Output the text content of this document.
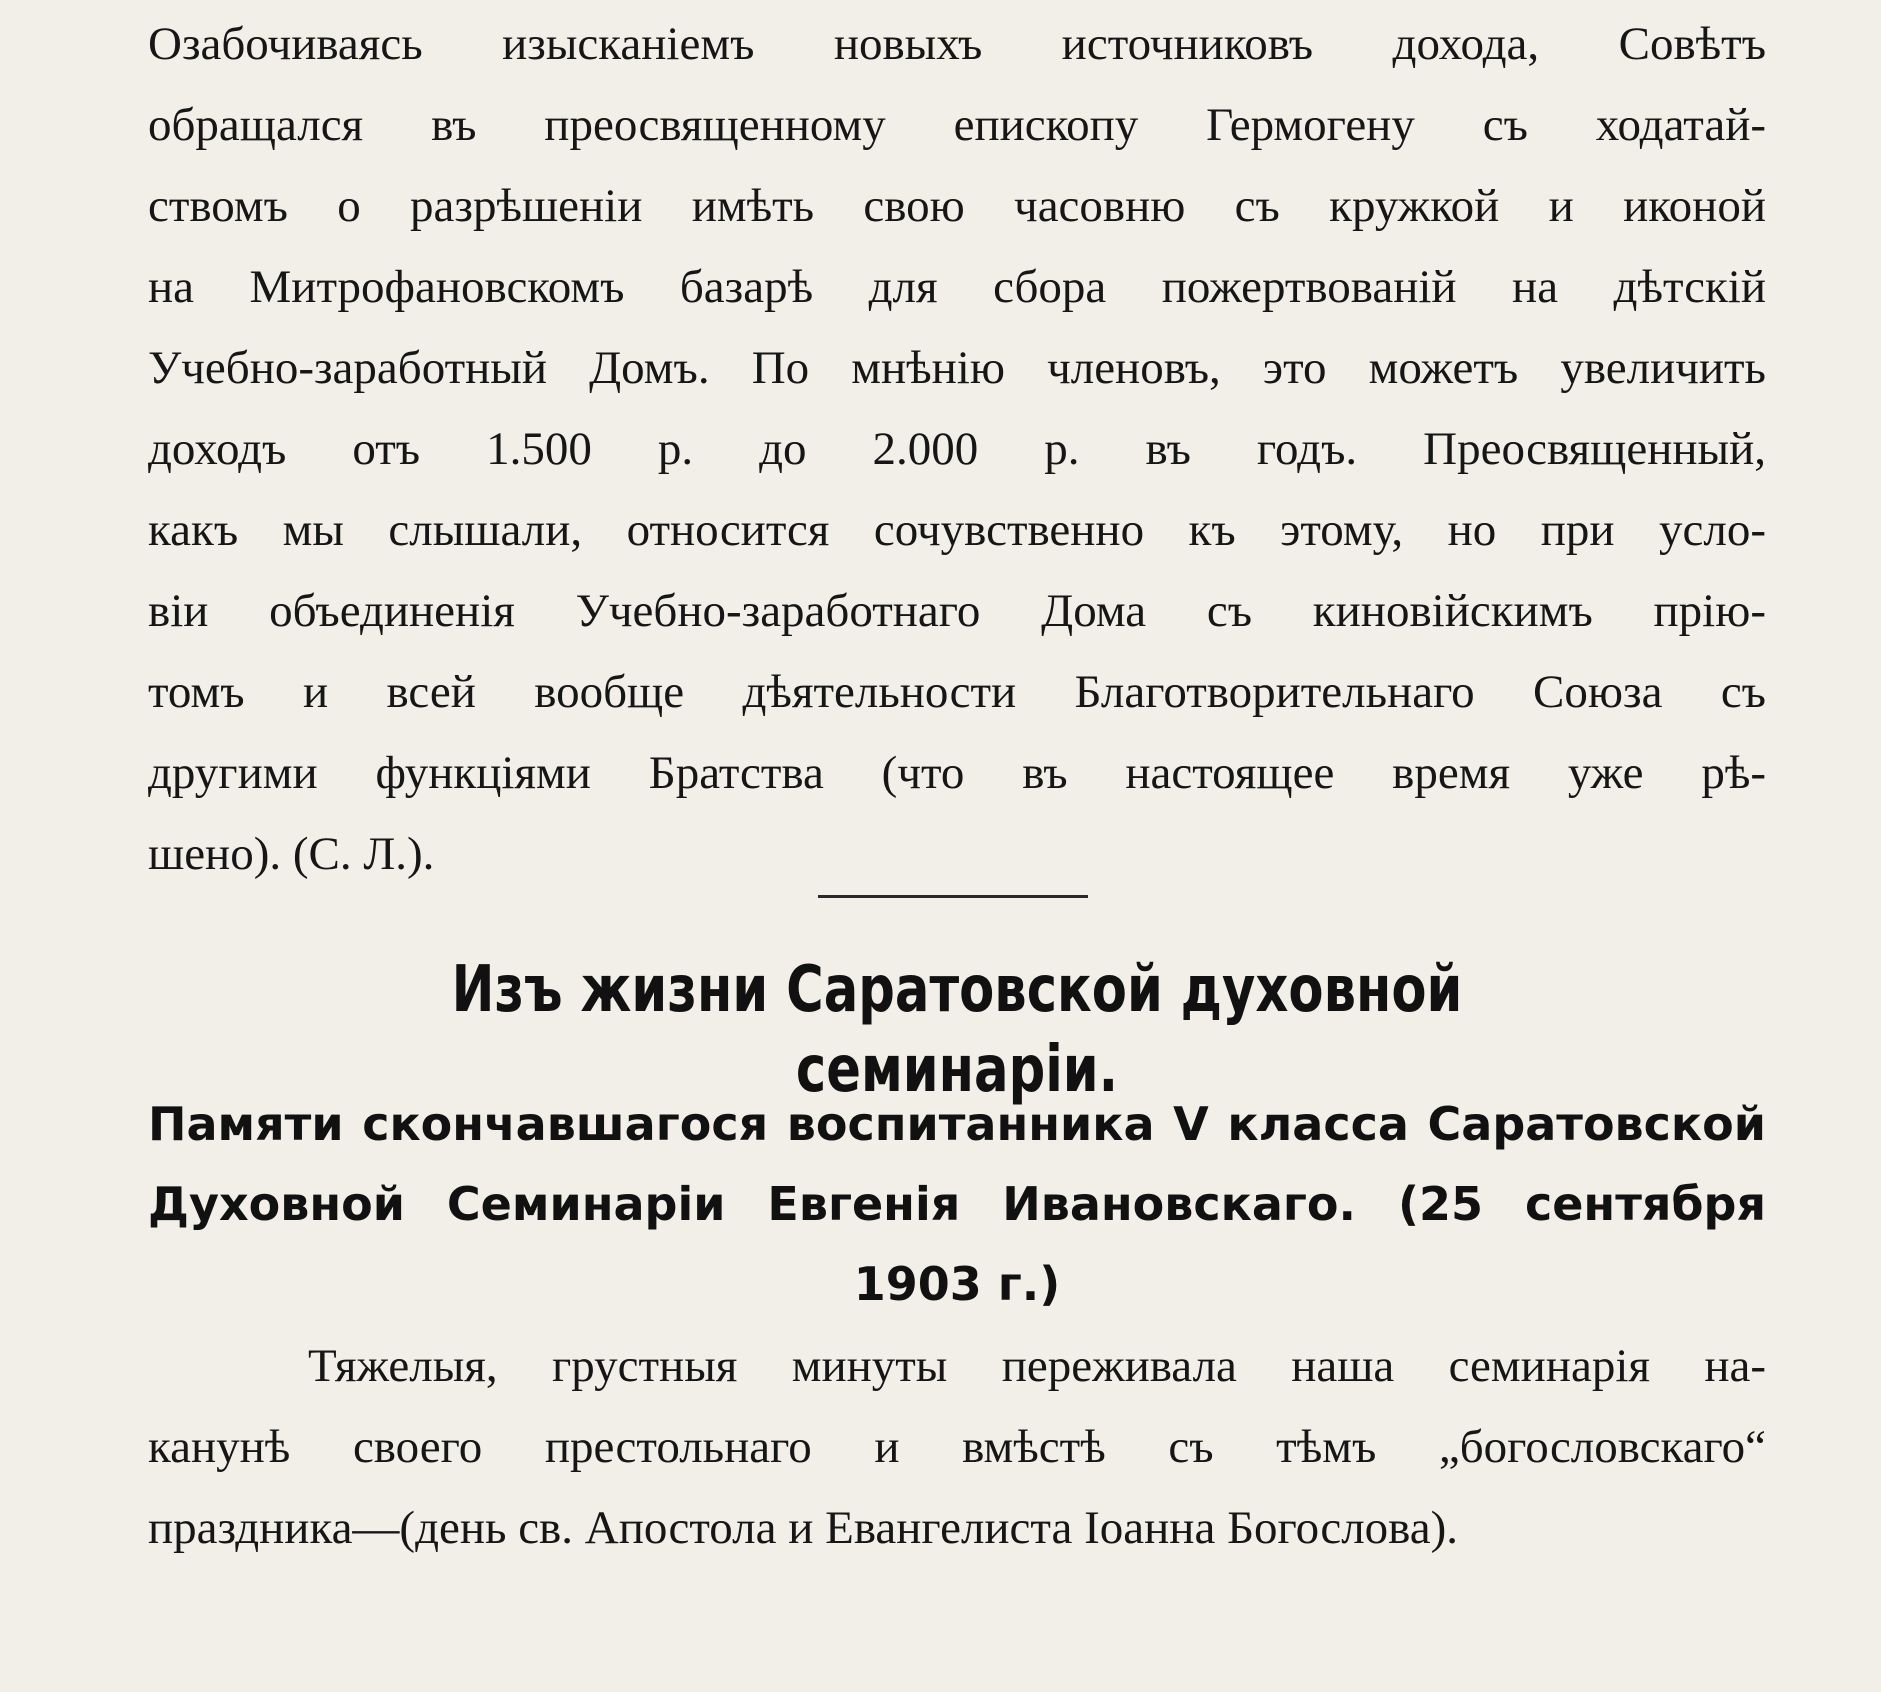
Озабочиваясь изысканіемъ новыхъ источниковъ дохода, Совѣтъ
обращался въ преосвященному епископу Гермогену съ ходатай-
ствомъ о разрѣшеніи имѣть свою часовню съ кружкой и иконой
на Митрофановскомъ базарѣ для сбора пожертвованій на дѣтскій
Учебно-заработный Домъ. По мнѣнію членовъ, это можетъ увеличить
доходъ отъ 1.500 р. до 2.000 р. въ годъ. Преосвященный,
какъ мы слышали, относится сочувственно къ этому, но при усло-
віи объединенія Учебно-заработнаго Дома съ киновійскимъ прію-
томъ и всей вообще дѣятельности Благотворительнаго Союза съ
другими функціями Братства (что въ настоящее время уже рѣ-
шено). (С. Л.).

Изъ жизни Саратовской духовной семинаріи.
Памяти скончавшагося воспитанника V класса Саратовской
Духовной Семинаріи Евгенія Ивановскаго. (25 сентября
1903 г.)

Тяжелыя, грустныя минуты переживала наша семинарія на-
канунѣ своего престольнаго и вмѣстѣ съ тѣмъ „богословскаго“
праздника—(день св. Апостола и Евангелиста Іоанна Богослова).
